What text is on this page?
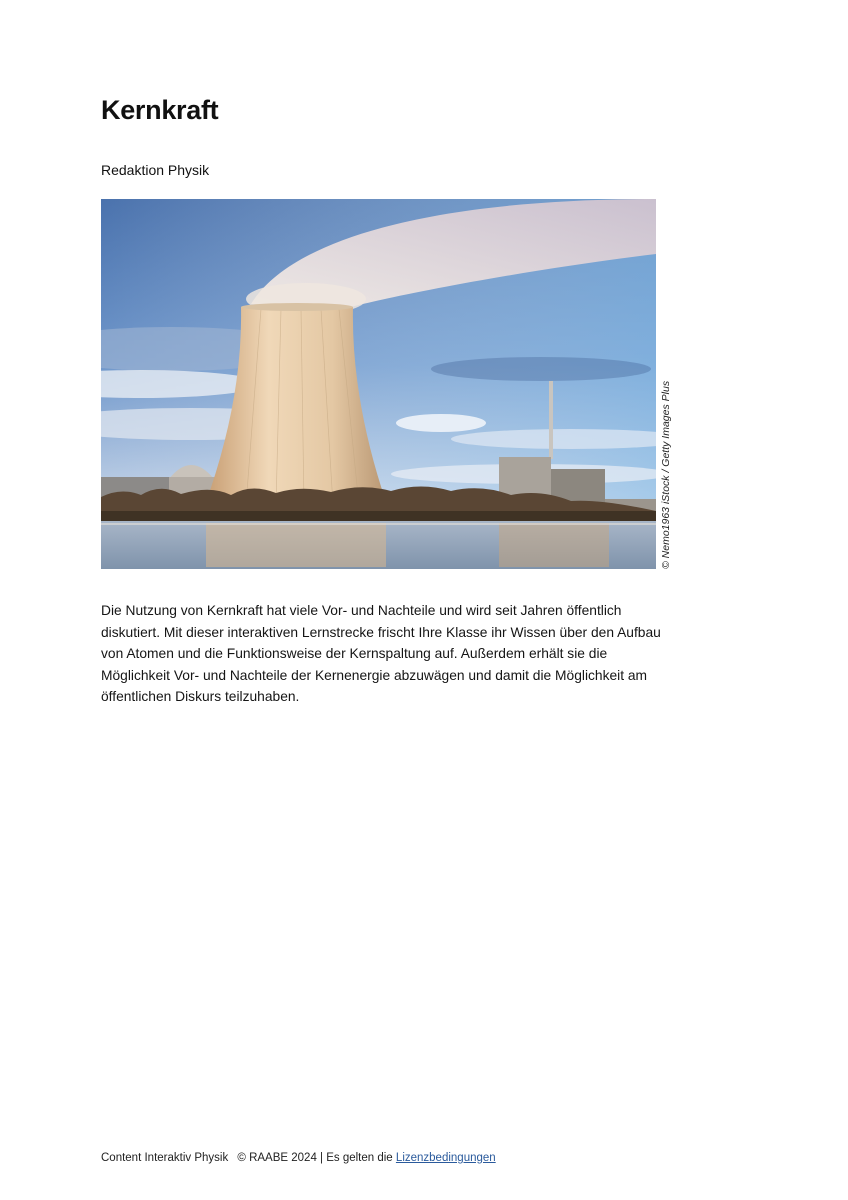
Kernkraft
Redaktion Physik
© Nemo1963 iStock / Getty Images Plus

Die Nutzung von Kernkraft hat viele Vor- und Nachteile und wird seit Jahren öffentlich diskutiert. Mit dieser interaktiven Lernstrecke frischt Ihre Klasse ihr Wissen über den Aufbau von Atomen und die Funktionsweise der Kernspaltung auf. Außerdem erhält sie die Möglichkeit Vor- und Nachteile der Kernenergie abzuwägen und damit die Möglichkeit am öffentlichen Diskurs teilzuhaben.

Content Interaktiv Physik © RAABE 2024 | Es gelten die Lizenzbedingungen
